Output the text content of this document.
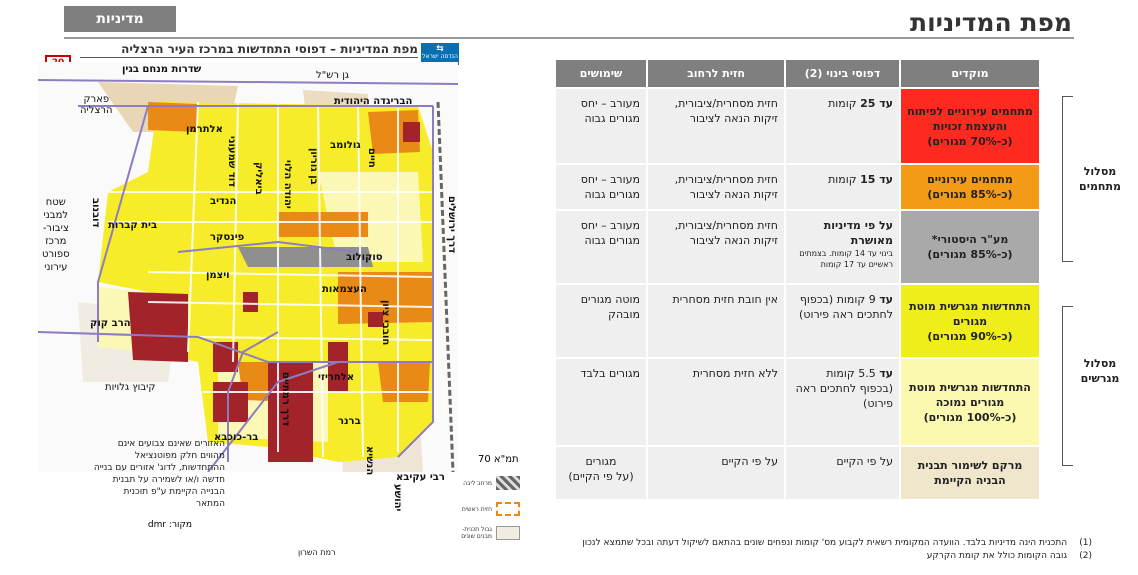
מפת המדיניות
מדיניות
מפת המדיניות – דפוסי התחדשות במרכז העיר הרצליה	⇆
הנדסה ישראל
שדרות מנחם בגין
גן רש"ל
פארק
הרצליה
הבריגדה היהודית
אלתרמן
גולומב
דוד שמעוני ביאליק יהודה הלוי בן גוריון	חיים
הנדיב
דובנוב בית קברות
פינסקר
שטח
למבני
ציבור-
מרכז
ספורט
עירוני
סוקולוב
ויצמן
העצמאות
חובבי ציון
הרב קוק
קיבוץ גלויות
אלחריזי
דרך רמתיים	ברנר
בר-כוכבא
רבי עקיבא
הנשיא
יהושע
דרך ירושלים
רמת השרון
האזורים שאינם צבועים אינם מהווים חלק מפוטנציאל ההתחדשות, לדוג' אזורים עם בנייה חדשה ו/או לשמירה על תבנית הבנייה הקיימת ע"פ תוכנית המתאר
מקור: dmr
תמ"א 70
מרחב ליבה
חזית ראשית
גבול תכנית-
מבנים שונים
מוקדים	דפוסי בינוי (2)	חזית לרחוב	שימושים
מתחמים עירוניים לפיתוח והעצמת זכויות
(כ-70% מגורים)	עד 25 קומות	חזית מסחרית/ציבורית, זיקות הנאה לציבור	מעורב – יחס מגורים גבוה
מתחמים עירוניים
(כ-85% מגורים)	עד 15 קומות	חזית מסחרית/ציבורית, זיקות הנאה לציבור	מעורב – יחס מגורים גבוה
מע"ר היסטורי*
(כ-85% מגורים)	על פי מדיניות מאושרת
בינוי עד 14 קומות. בצמתים ראשיים עד 17 קומות	חזית מסחרית/ציבורית, זיקות הנאה לציבור	מעורב – יחס מגורים גבוה
התחדשות מגרשית מוטת מגורים
(כ-90% מגורים)	עד 9 קומות (בכפוף לחתכים ראה פירוט)	אין חובת חזית מסחרית	מוטה מגורים מובהק
התחדשות מגרשית מוטת מגורים נמוכה
(כ-100% מגורים)	עד 5.5 קומות (בכפוף לחתכים ראה פירוט)	ללא חזית מסחרית	מגורים בלבד
מרקם לשימור תבנית הבניה הקיימת	על פי הקיים	על פי הקיים	מגורים
(על פי הקיים)
מסלול
מתחמים
מסלול
מגרשים
(1) התכנית הינה מדיניות בלבד. הוועדה המקומית רשאית לקבוע מס' קומות ונפחים שונים בהתאם לשיקול דעתה ובכל שתמצא לנכון
(2) גובה הקומות כולל את קומת הקרקע
